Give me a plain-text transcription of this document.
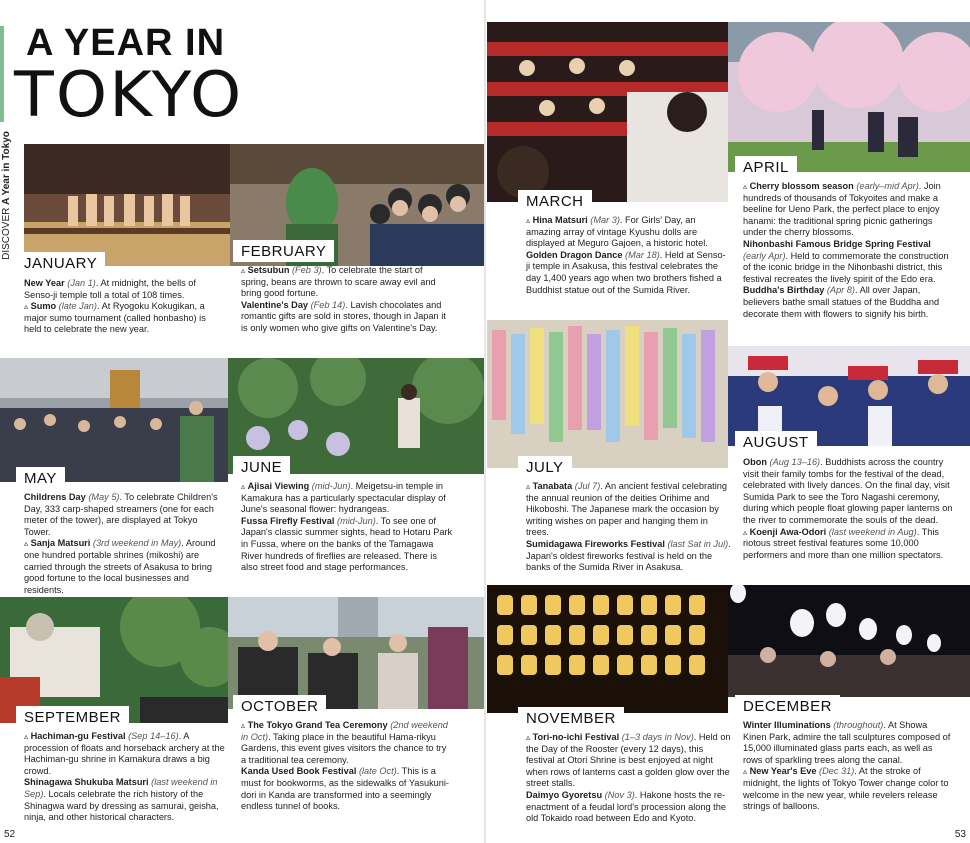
A YEAR IN
TOKYO
DISCOVER A Year in Tokyo
JANUARY

New Year (Jan 1). At midnight, the bells of Senso-ji temple toll a total of 108 times.

▵ Sumo (late Jan). At Ryogoku Kokugikan, a major sumo tournament (called honbasho) is held to celebrate the new year.

FEBRUARY

▵ Setsubun (Feb 3). To celebrate the start of spring, beans are thrown to scare away evil and bring good fortune.

Valentine's Day (Feb 14). Lavish chocolates and romantic gifts are sold in stores, though in Japan it is only women who give gifts on Valentine's Day.

MAY

Childrens Day (May 5). To celebrate Children's Day, 333 carp-shaped streamers (one for each meter of the tower), are displayed at Tokyo Tower.

▵ Sanja Matsuri (3rd weekend in May). Around one hundred portable shrines (mikoshi) are carried through the streets of Asakusa to bring good fortune to the local businesses and residents.

JUNE

▵ Ajisai Viewing (mid-Jun). Meigetsu-in temple in Kamakura has a particularly spectacular display of June's seasonal flower: hydrangeas.

Fussa Firefly Festival (mid-Jun). To see one of Japan's classic summer sights, head to Hotaru Park in Fussa, where on the banks of the Tamagawa River hundreds of fireflies are released. There is also street food and stage performances.

SEPTEMBER

▵ Hachiman-gu Festival (Sep 14–16). A procession of floats and horseback archery at the Hachiman-gu shrine in Kamakura draws a big crowd.

Shinagawa Shukuba Matsuri (last weekend in Sep). Locals celebrate the rich history of the Shinagwa ward by dressing as samurai, geisha, ninja, and other historical characters.

OCTOBER

▵ The Tokyo Grand Tea Ceremony (2nd weekend in Oct). Taking place in the beautiful Hama-rikyu Gardens, this event gives visitors the chance to try a traditional tea ceremony.

Kanda Used Book Festival (late Oct). This is a must for bookworms, as the sidewalks of Yasukuni-dori in Kanda are transformed into a seemingly endless tunnel of books.

52
MARCH

▵ Hina Matsuri (Mar 3). For Girls' Day, an amazing array of vintage Kyushu dolls are displayed at Meguro Gajoen, a historic hotel.

Golden Dragon Dance (Mar 18). Held at Senso-ji temple in Asakusa, this festival celebrates the day 1,400 years ago when two brothers fished a Buddhist statue out of the Sumida River.

APRIL

▵ Cherry blossom season (early–mid Apr). Join hundreds of thousands of Tokyoites and make a beeline for Ueno Park, the perfect place to enjoy hanami: the traditional spring picnic gatherings under the cherry blossoms.

Nihonbashi Famous Bridge Spring Festival (early Apr). Held to commemorate the construction of the iconic bridge in the Nihonbashi district, this festival recreates the lively spirit of the Edo era.

Buddha's Birthday (Apr 8). All over Japan, believers bathe small statues of the Buddha and decorate them with flowers to signify his birth.

JULY

▵ Tanabata (Jul 7). An ancient festival celebrating the annual reunion of the deities Orihime and Hikoboshi. The Japanese mark the occasion by writing wishes on paper and hanging them in trees.

Sumidagawa Fireworks Festival (last Sat in Jul). Japan's oldest fireworks festival is held on the banks of the Sumida River in Asakusa.

AUGUST

Obon (Aug 13–16). Buddhists across the country visit their family tombs for the festival of the dead, celebrated with lively dances. On the final day, visit Sumida Park to see the Toro Nagashi ceremony, during which people float glowing paper lanterns on the river to commemorate the souls of the dead.

▵ Koenji Awa-Odori (last weekend in Aug). This riotous street festival features some 10,000 performers and more than one million spectators.

NOVEMBER

▵ Tori-no-ichi Festival (1–3 days in Nov). Held on the Day of the Rooster (every 12 days), this festival at Otori Shrine is best enjoyed at night when rows of lanterns cast a golden glow over the street stalls.

Daimyo Gyoretsu (Nov 3). Hakone hosts the re-enactment of a feudal lord's procession along the old Tokaido road between Edo and Kyoto.

DECEMBER

Winter Illuminations (throughout). At Showa Kinen Park, admire the tall sculptures composed of 15,000 illuminated glass parts each, as well as rows of sparkling trees along the canal.

▵ New Year's Eve (Dec 31). At the stroke of midnight, the lights of Tokyo Tower change color to welcome in the new year, while revelers release strings of balloons.

53
